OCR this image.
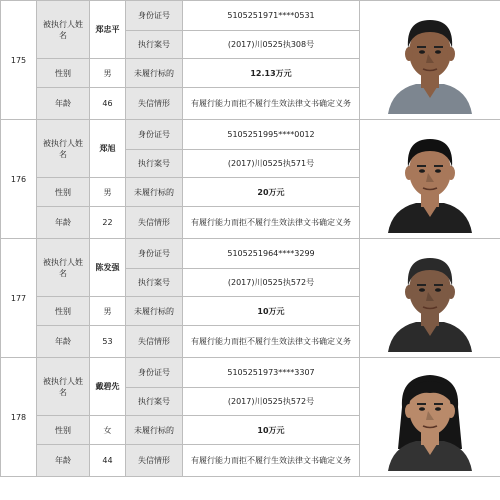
175	被执行人姓名	郑忠平	身份证号	5105251971****0531	

			执行案号	(2017)川0525执308号	
	性别	男	未履行标的	12.13万元	
	年龄	46	失信情形	有履行能力而拒不履行生效法律文书确定义务	

176	被执行人姓名	郑旭	身份证号	5105251995****0012	

			执行案号	(2017)川0525执571号	
	性别	男	未履行标的	20万元	
	年龄	22	失信情形	有履行能力而拒不履行生效法律文书确定义务	

177	被执行人姓名	陈发强	身份证号	5105251964****3299	

			执行案号	(2017)川0525执572号	
	性别	男	未履行标的	10万元	
	年龄	53	失信情形	有履行能力而拒不履行生效法律文书确定义务	

178	被执行人姓名	戴碧先	身份证号	5105251973****3307	

			执行案号	(2017)川0525执572号	
	性别	女	未履行标的	10万元	
	年龄	44	失信情形	有履行能力而拒不履行生效法律文书确定义务	
